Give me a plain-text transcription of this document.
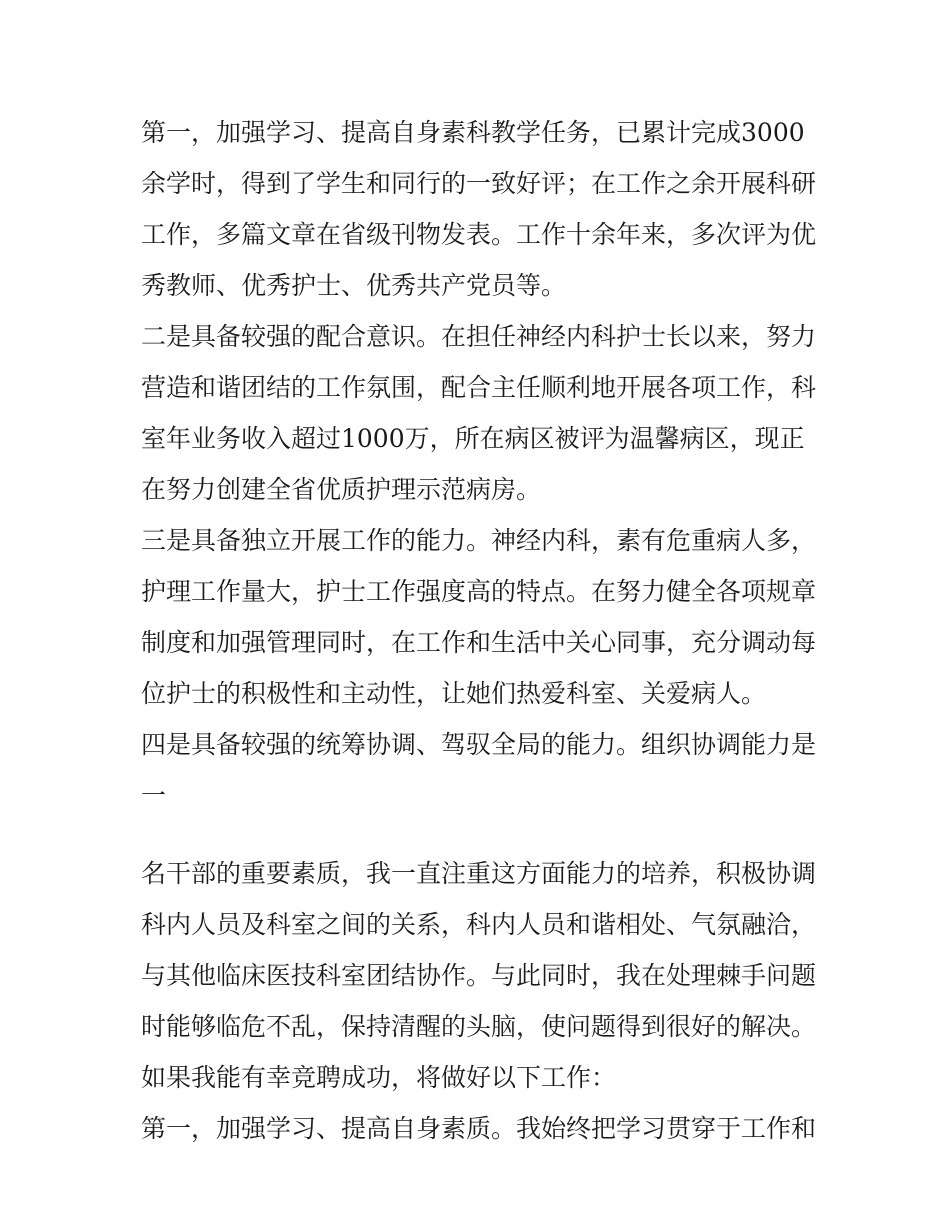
第一，加强学习、提高自身素科教学任务，已累计完成3000
余学时，得到了学生和同行的一致好评；在工作之余开展科研
工作，多篇文章在省级刊物发表。工作十余年来，多次评为优
秀教师、优秀护士、优秀共产党员等。
二是具备较强的配合意识。在担任神经内科护士长以来，努力
营造和谐团结的工作氛围，配合主任顺利地开展各项工作，科
室年业务收入超过1000万，所在病区被评为温馨病区，现正
在努力创建全省优质护理示范病房。
三是具备独立开展工作的能力。神经内科，素有危重病人多，
护理工作量大，护士工作强度高的特点。在努力健全各项规章
制度和加强管理同时，在工作和生活中关心同事，充分调动每
位护士的积极性和主动性，让她们热爱科室、关爱病人。
四是具备较强的统筹协调、驾驭全局的能力。组织协调能力是
一
名干部的重要素质，我一直注重这方面能力的培养，积极协调
科内人员及科室之间的关系，科内人员和谐相处、气氛融洽，
与其他临床医技科室团结协作。与此同时，我在处理棘手问题
时能够临危不乱，保持清醒的头脑，使问题得到很好的解决。
如果我能有幸竞聘成功，将做好以下工作：
第一，加强学习、提高自身素质。我始终把学习贯穿于工作和
